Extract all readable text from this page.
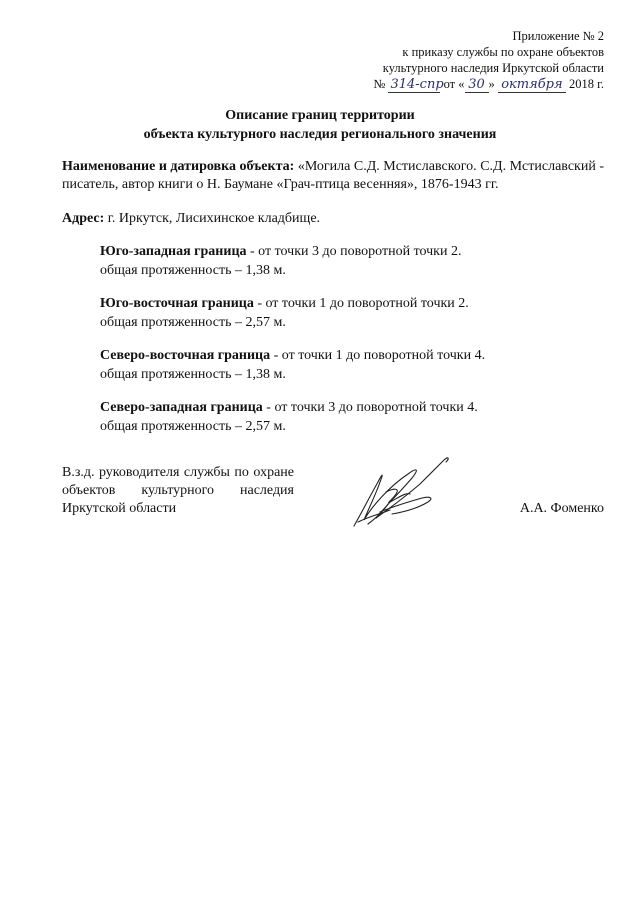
Приложение № 2
к приказу службы по охране объектов
культурного наследия Иркутской области
№ 314-спр от « 30 » октября 2018 г.
Описание границ территории
объекта культурного наследия регионального значения
Наименование и датировка объекта: «Могила С.Д. Мстиславского. С.Д. Мстиславский - писатель, автор книги о Н. Баумане «Грач-птица весенняя», 1876-1943 гг.
Адрес: г. Иркутск, Лисихинское кладбище.
Юго-западная граница - от точки 3 до поворотной точки 2.
общая протяженность – 1,38 м.
Юго-восточная граница - от точки 1 до поворотной точки 2.
общая протяженность – 2,57 м.
Северо-восточная граница - от точки 1 до поворотной точки 4.
общая протяженность – 1,38 м.
Северо-западная граница - от точки 3 до поворотной точки 4.
общая протяженность – 2,57 м.
В.з.д. руководителя службы по охране объектов культурного наследия Иркутской области	А.А. Фоменко
